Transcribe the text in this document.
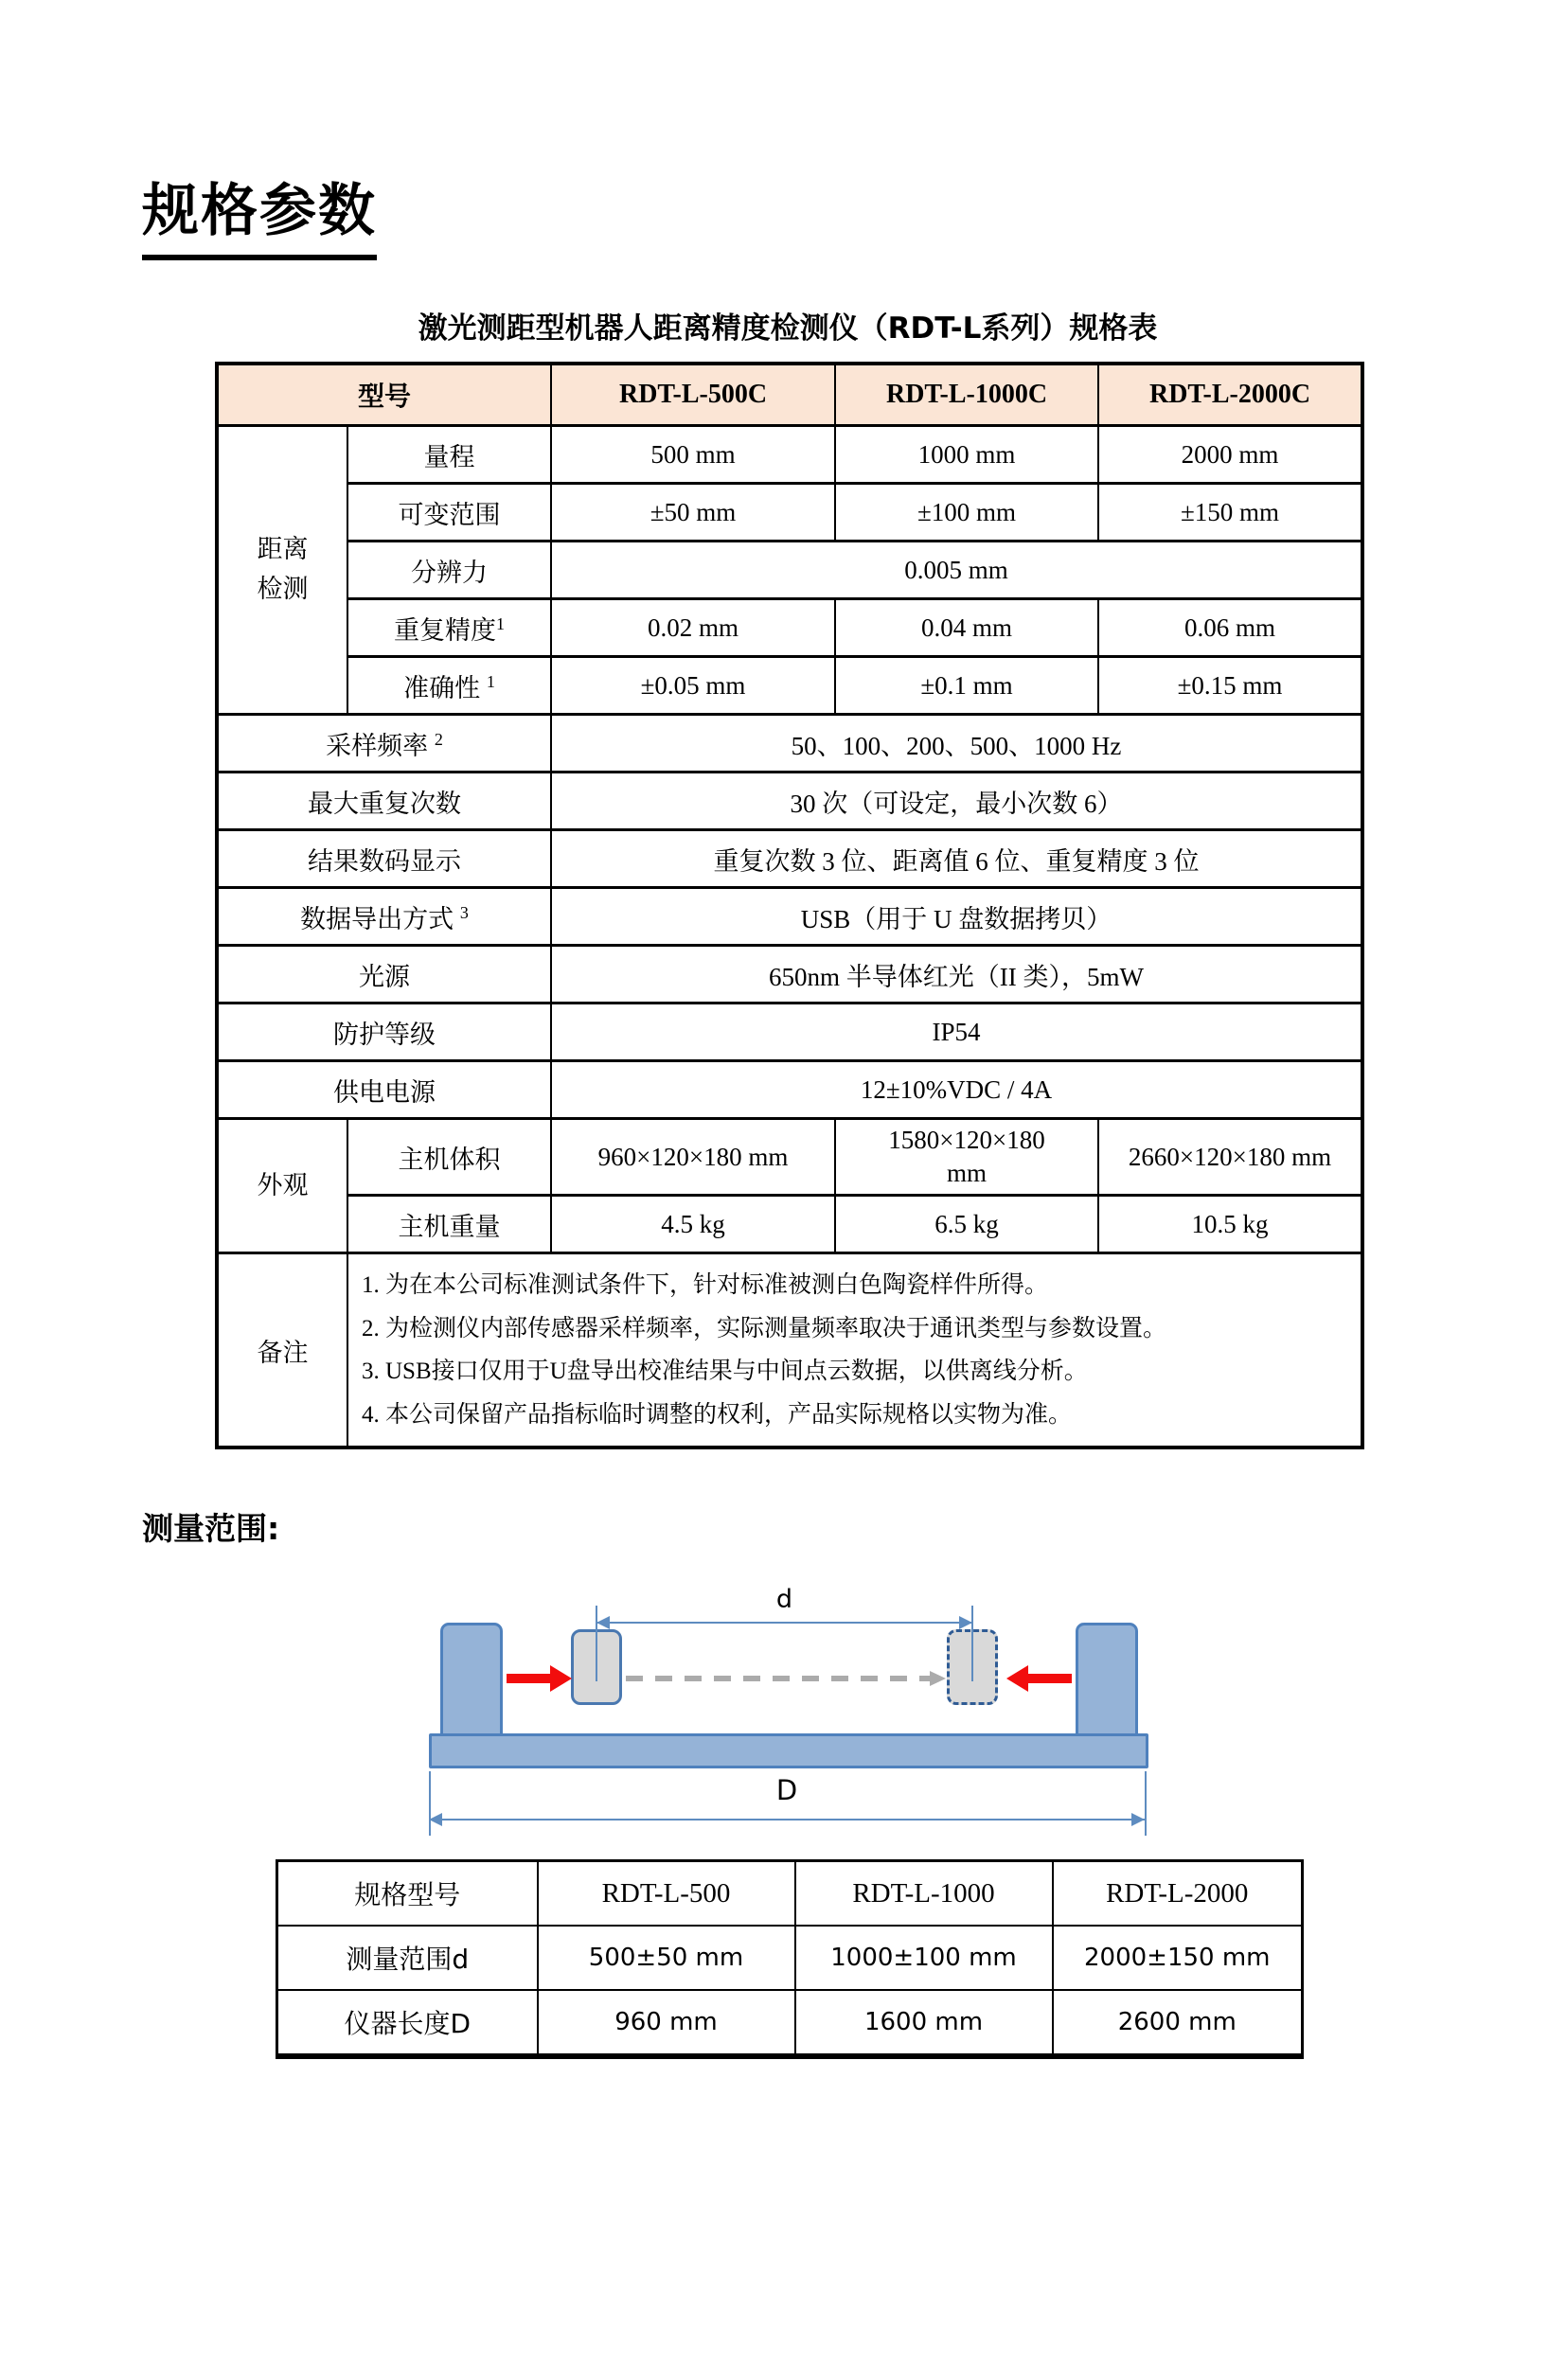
规格参数
激光测距型机器人距离精度检测仪（RDT-L系列）规格表
型号		RDT-L-500C	RDT-L-1000C	RDT-L-2000C
距离检测	量程	500 mm	1000 mm	2000 mm
	可变范围	±50 mm	±100 mm	±150 mm
	分辨力	0.005 mm		
	重复精度$^1$	0.02 mm	0.04 mm	0.06 mm
	准确性 $^1$	±0.05 mm	±0.1 mm	±0.15 mm
采样频率 $^2$		50、100、200、500、1000 Hz		
最大重复次数		30 次（可设定，最小次数 6）		
结果数码显示		重复次数 3 位、距离值 6 位、重复精度 3 位		
数据导出方式 $^3$		USB（用于 U 盘数据拷贝）		
光源		650nm 半导体红光（II 类），5mW		
防护等级		IP54		
供电电源		12±10%VDC / 4A		
外观	主机体积	960×120×180 mm	1580×120×180 mm	2660×120×180 mm
	主机重量	4.5 kg	6.5 kg	10.5 kg
备注	1. 为在本公司标准测试条件下，针对标准被测白色陶瓷样件所得。
2. 为检测仪内部传感器采样频率，实际测量频率取决于通讯类型与参数设置。
3. USB接口仅用于U盘导出校准结果与中间点云数据，以供离线分析。
4. 本公司保留产品指标临时调整的权利，产品实际规格以实物为准。			
测量范围:
d
D
规格型号	RDT-L-500	RDT-L-1000	RDT-L-2000
测量范围d	500±50 mm	1000±100 mm	2000±150 mm
仪器长度D	960 mm	1600 mm	2600 mm
